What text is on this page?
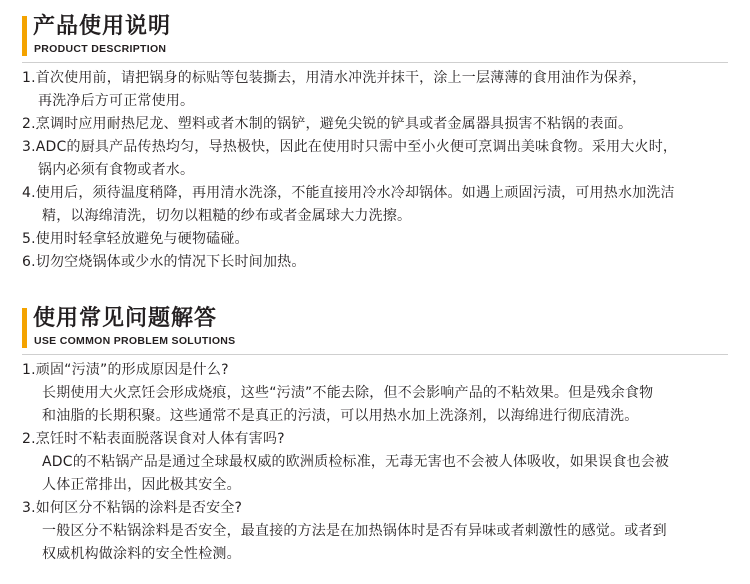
产品使用说明
PRODUCT DESCRIPTION
1.首次使用前，请把锅身的标贴等包装撕去，用清水冲洗并抹干，涂上一层薄薄的食用油作为保养，
再洗净后方可正常使用。
2.烹调时应用耐热尼龙、塑料或者木制的锅铲，避免尖锐的铲具或者金属器具损害不粘锅的表面。
3.ADC的厨具产品传热均匀，导热极快，因此在使用时只需中至小火便可烹调出美味食物。采用大火时，
锅内必须有食物或者水。
4.使用后，须待温度稍降，再用清水洗涤，不能直接用冷水冷却锅体。如遇上顽固污渍，可用热水加洗洁
精，以海绵清洗，切勿以粗糙的纱布或者金属球大力洗擦。
5.使用时轻拿轻放避免与硬物磕碰。
6.切勿空烧锅体或少水的情况下长时间加热。
使用常见问题解答
USE COMMON PROBLEM SOLUTIONS
1.顽固“污渍”的形成原因是什么?
长期使用大火烹饪会形成烧痕，这些“污渍”不能去除，但不会影响产品的不粘效果。但是残余食物
和油脂的长期积聚。这些通常不是真正的污渍，可以用热水加上洗涤剂，以海绵进行彻底清洗。
2.烹饪时不粘表面脱落误食对人体有害吗?
ADC的不粘锅产品是通过全球最权威的欧洲质检标准，无毒无害也不会被人体吸收，如果误食也会被
人体正常排出，因此极其安全。
3.如何区分不粘锅的涂料是否安全?
一般区分不粘锅涂料是否安全，最直接的方法是在加热锅体时是否有异味或者刺激性的感觉。或者到
权威机构做涂料的安全性检测。
